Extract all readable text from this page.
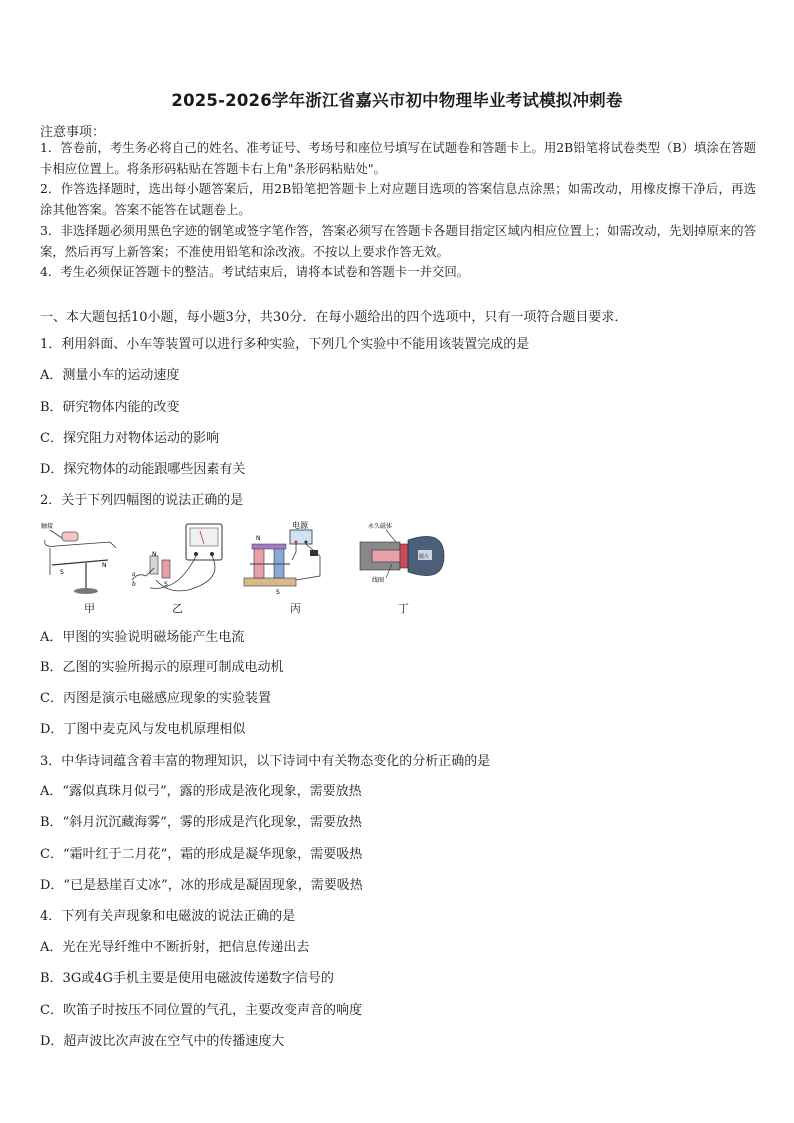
2025-2026学年浙江省嘉兴市初中物理毕业考试模拟冲刺卷
注意事项：

1．答卷前，考生务必将自己的姓名、准考证号、考场号和座位号填写在试题卷和答题卡上。用2B铅笔将试卷类型（B）填涂在答题卡相应位置上。将条形码粘贴在答题卡右上角"条形码粘贴处"。

2．作答选择题时，选出每小题答案后，用2B铅笔把答题卡上对应题目选项的答案信息点涂黑；如需改动，用橡皮擦干净后，再选涂其他答案。答案不能答在试题卷上。

3．非选择题必须用黑色字迹的钢笔或签字笔作答，答案必须写在答题卡各题目指定区域内相应位置上；如需改动，先划掉原来的答案，然后再写上新答案；不准使用铅笔和涂改液。不按以上要求作答无效。

4．考生必须保证答题卡的整洁。考试结束后，请将本试卷和答题卡一并交回。

一、本大题包括10小题，每小题3分，共30分．在每小题给出的四个选项中，只有一项符合题目要求．
1．利用斜面、小车等装置可以进行多种实验，下列几个实验中不能用该装置完成的是
A．测量小车的运动速度
B．研究物体内能的改变
C．探究阻力对物体运动的影响
D．探究物体的动能跟哪些因素有关
2．关于下列四幅图的说法正确的是
触接
S
N
N
S
a
b
电源
N
S
永久磁体
膜片
线圈
甲	乙	丙	丁
A．甲图的实验说明磁场能产生电流
B．乙图的实验所揭示的原理可制成电动机
C．丙图是演示电磁感应现象的实验装置
D．丁图中麦克风与发电机原理相似
3．中华诗词蕴含着丰富的物理知识，以下诗词中有关物态变化的分析正确的是
A．“露似真珠月似弓”，露的形成是液化现象，需要放热
B．“斜月沉沉藏海雾”，雾的形成是汽化现象，需要放热
C．“霜叶红于二月花”，霜的形成是凝华现象，需要吸热
D．“已是悬崖百丈冰”，冰的形成是凝固现象，需要吸热
4．下列有关声现象和电磁波的说法正确的是
A．光在光导纤维中不断折射，把信息传递出去
B．3G或4G手机主要是使用电磁波传递数字信号的
C．吹笛子时按压不同位置的气孔，主要改变声音的响度
D．超声波比次声波在空气中的传播速度大
